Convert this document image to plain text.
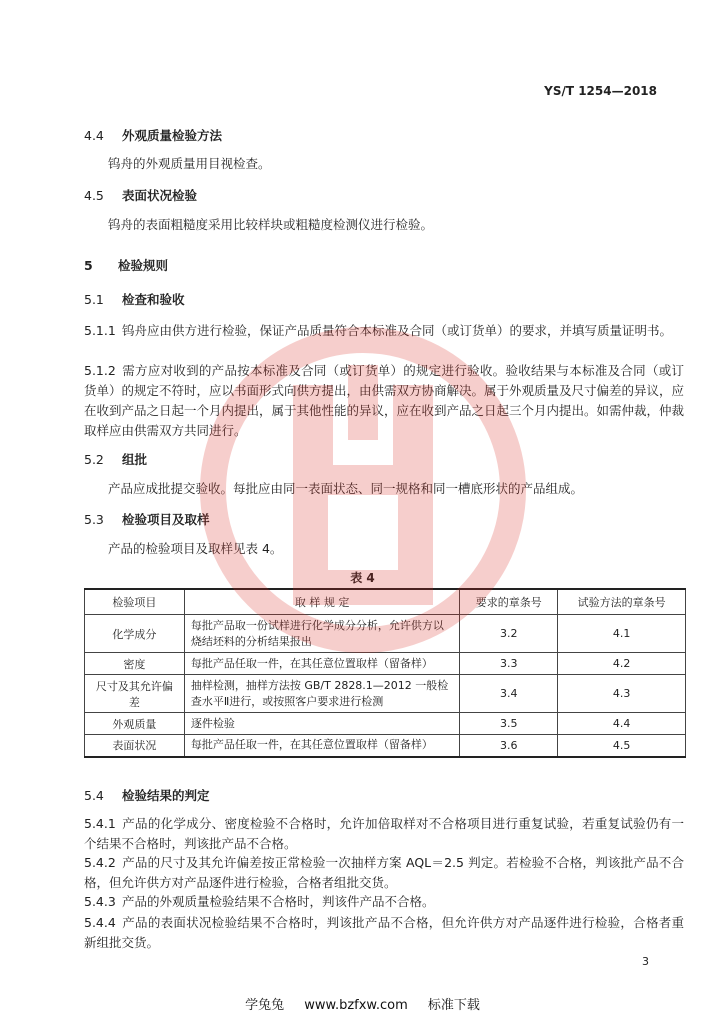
YS/T 1254—2018
4.4 外观质量检验方法
钨舟的外观质量用目视检查。
4.5 表面状况检验
钨舟的表面粗糙度采用比较样块或粗糙度检测仪进行检验。
5 检验规则
5.1 检查和验收
5.1.1 钨舟应由供方进行检验，保证产品质量符合本标准及合同（或订货单）的要求，并填写质量证明书。
5.1.2 需方应对收到的产品按本标准及合同（或订货单）的规定进行验收。验收结果与本标准及合同（或订货单）的规定不符时，应以书面形式向供方提出，由供需双方协商解决。属于外观质量及尺寸偏差的异议，应在收到产品之日起一个月内提出，属于其他性能的异议，应在收到产品之日起三个月内提出。如需仲裁，仲裁取样应由供需双方共同进行。
5.2 组批
产品应成批提交验收。每批应由同一表面状态、同一规格和同一槽底形状的产品组成。
5.3 检验项目及取样
产品的检验项目及取样见表 4。
表 4
检验项目	取 样 规 定	要求的章条号	试验方法的章条号
化学成分	每批产品取一份试样进行化学成分分析，允许供方以烧结坯料的分析结果报出	3.2	4.1
密度	每批产品任取一件，在其任意位置取样（留备样）	3.3	4.2
尺寸及其允许偏差	抽样检测，抽样方法按 GB/T 2828.1—2012 一般检查水平Ⅱ进行，或按照客户要求进行检测	3.4	4.3
外观质量	逐件检验	3.5	4.4
表面状况	每批产品任取一件，在其任意位置取样（留备样）	3.6	4.5
5.4 检验结果的判定
5.4.1 产品的化学成分、密度检验不合格时，允许加倍取样对不合格项目进行重复试验，若重复试验仍有一个结果不合格时，判该批产品不合格。
5.4.2 产品的尺寸及其允许偏差按正常检验一次抽样方案 AQL＝2.5 判定。若检验不合格，判该批产品不合格，但允许供方对产品逐件进行检验，合格者组批交货。
5.4.3 产品的外观质量检验结果不合格时，判该件产品不合格。
5.4.4 产品的表面状况检验结果不合格时，判该批产品不合格，但允许供方对产品逐件进行检验，合格者重新组批交货。
3
学兔兔 www.bzfxw.com 标准下载
